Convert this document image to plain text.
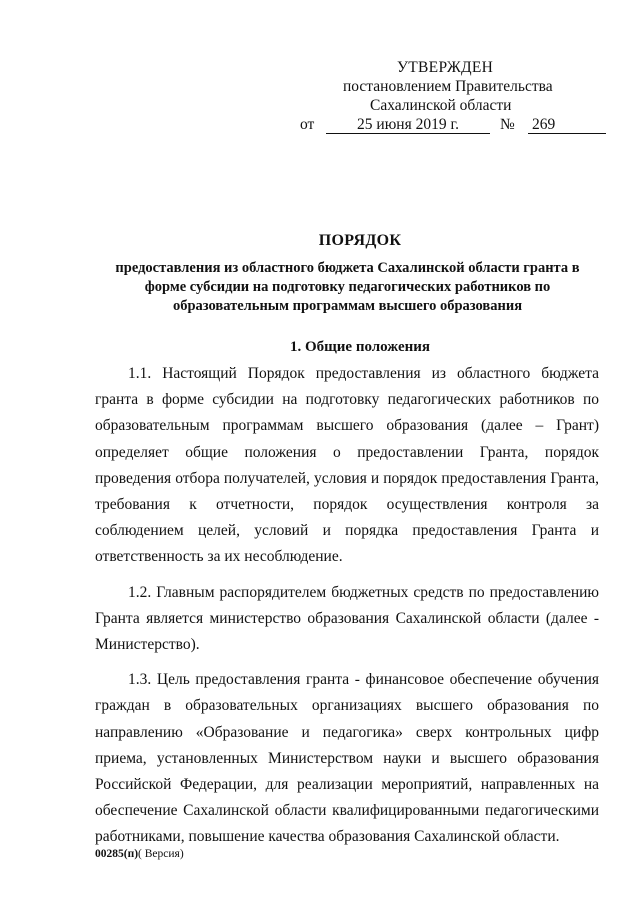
УТВЕРЖДЕН
постановлением Правительства
Сахалинской области
от	25 июня 2019 г.	№ 269
ПОРЯДОК
предоставления из областного бюджета Сахалинской области гранта в форме субсидии на подготовку педагогических работников по образовательным программам высшего образования
1. Общие положения

1.1. Настоящий Порядок предоставления из областного бюджета гранта в форме субсидии на подготовку педагогических работников по образовательным программам высшего образования (далее – Грант) определяет общие положения о предоставлении Гранта, порядок проведения отбора получателей, условия и порядок предоставления Гранта, требования к отчетности, порядок осуществления контроля за соблюдением целей, условий и порядка предоставления Гранта и ответственность за их несоблюдение.

1.2. Главным распорядителем бюджетных средств по предоставлению Гранта является министерство образования Сахалинской области (далее - Министерство).

1.3. Цель предоставления гранта - финансовое обеспечение обучения граждан в образовательных организациях высшего образования по направлению «Образование и педагогика» сверх контрольных цифр приема, установленных Министерством науки и высшего образования Российской Федерации, для реализации мероприятий, направленных на обеспечение Сахалинской области квалифицированными педагогическими работниками, повышение качества образования Сахалинской области.

00285(п)( Версия)
